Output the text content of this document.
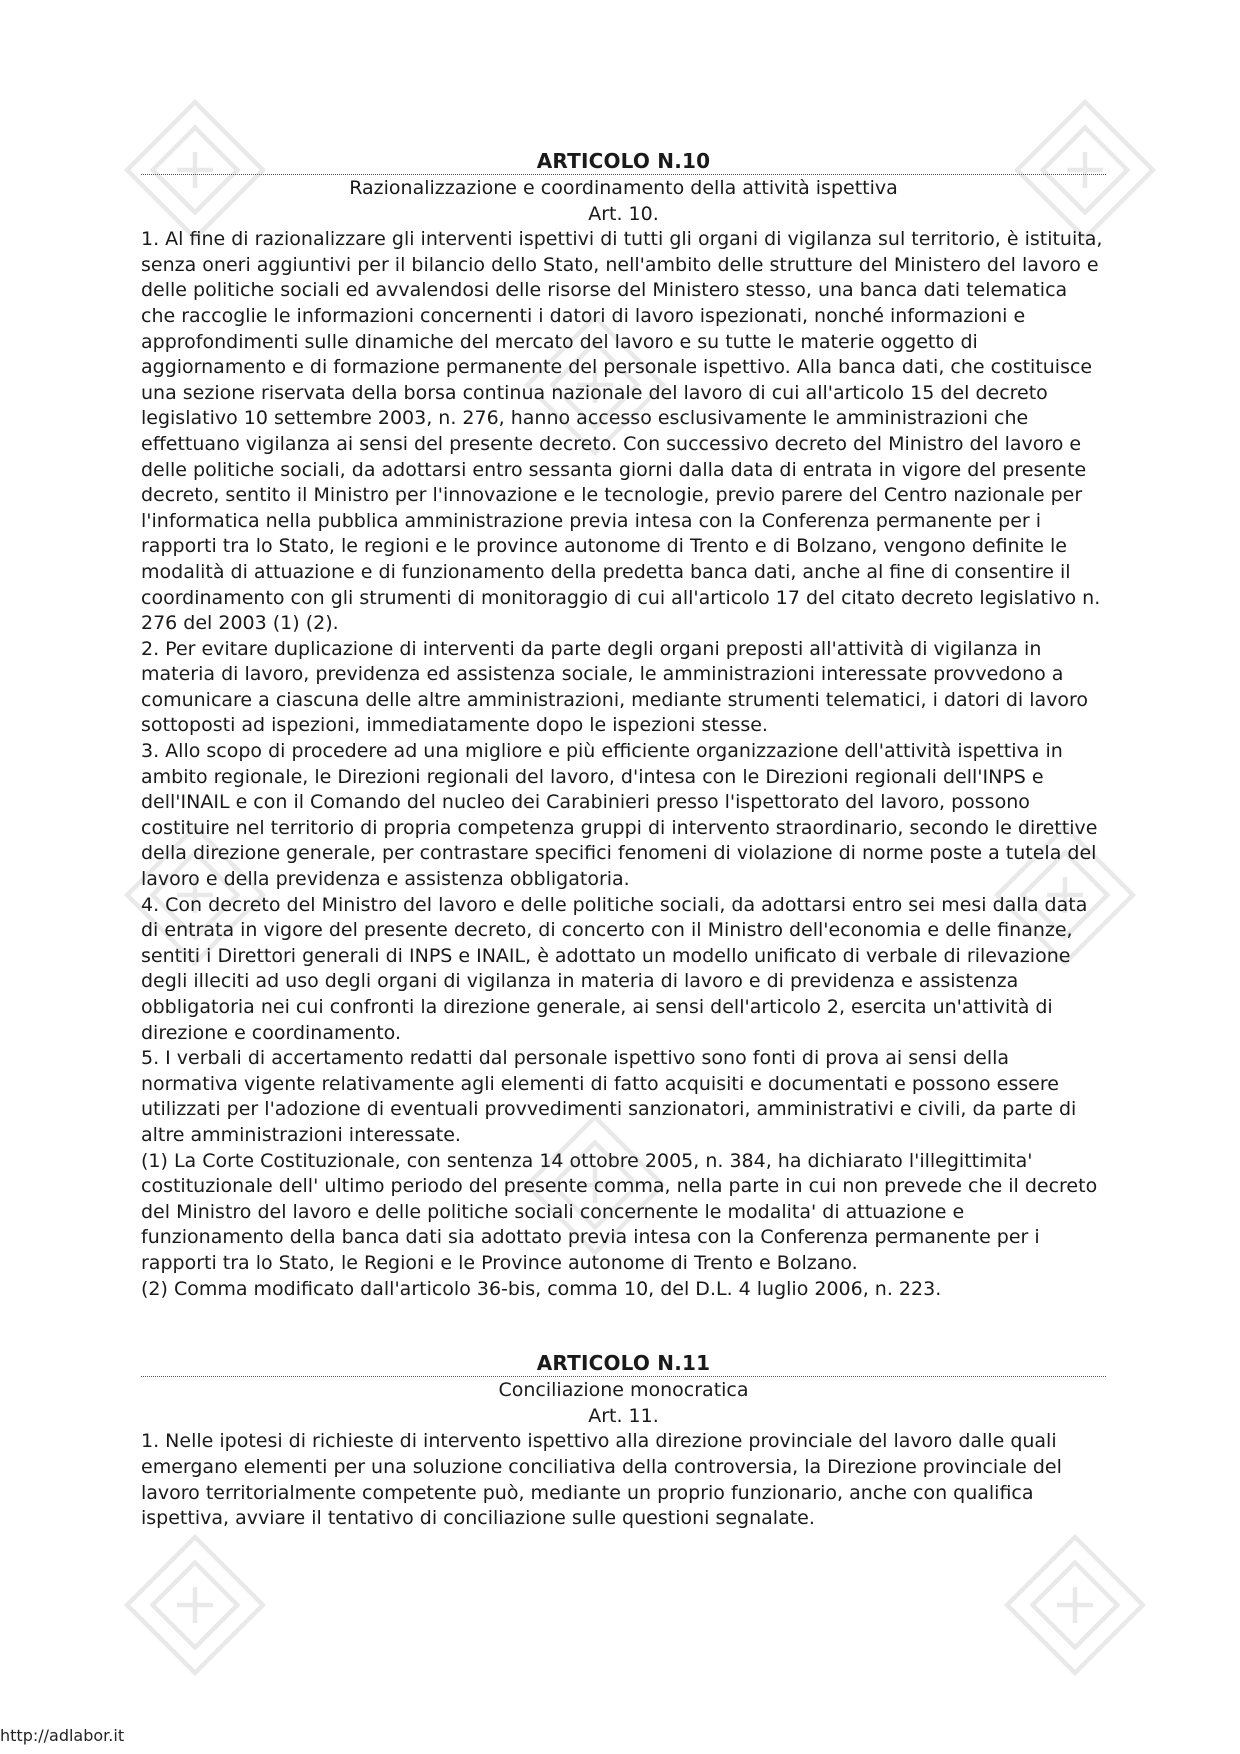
ARTICOLO N.10
Razionalizzazione e coordinamento della attività ispettiva
Art. 10.

1. Al fine di razionalizzare gli interventi ispettivi di tutti gli organi di vigilanza sul territorio, è istituita, senza oneri aggiuntivi per il bilancio dello Stato, nell'ambito delle strutture del Ministero del lavoro e delle politiche sociali ed avvalendosi delle risorse del Ministero stesso, una banca dati telematica che raccoglie le informazioni concernenti i datori di lavoro ispezionati, nonché informazioni e approfondimenti sulle dinamiche del mercato del lavoro e su tutte le materie oggetto di aggiornamento e di formazione permanente del personale ispettivo. Alla banca dati, che costituisce una sezione riservata della borsa continua nazionale del lavoro di cui all'articolo 15 del decreto legislativo 10 settembre 2003, n. 276, hanno accesso esclusivamente le amministrazioni che effettuano vigilanza ai sensi del presente decreto. Con successivo decreto del Ministro del lavoro e delle politiche sociali, da adottarsi entro sessanta giorni dalla data di entrata in vigore del presente decreto, sentito il Ministro per l'innovazione e le tecnologie, previo parere del Centro nazionale per l'informatica nella pubblica amministrazione previa intesa con la Conferenza permanente per i rapporti tra lo Stato, le regioni e le province autonome di Trento e di Bolzano, vengono definite le modalità di attuazione e di funzionamento della predetta banca dati, anche al fine di consentire il coordinamento con gli strumenti di monitoraggio di cui all'articolo 17 del citato decreto legislativo n. 276 del 2003 (1) (2).

2. Per evitare duplicazione di interventi da parte degli organi preposti all'attività di vigilanza in materia di lavoro, previdenza ed assistenza sociale, le amministrazioni interessate provvedono a comunicare a ciascuna delle altre amministrazioni, mediante strumenti telematici, i datori di lavoro sottoposti ad ispezioni, immediatamente dopo le ispezioni stesse.

3. Allo scopo di procedere ad una migliore e più efficiente organizzazione dell'attività ispettiva in ambito regionale, le Direzioni regionali del lavoro, d'intesa con le Direzioni regionali dell'INPS e dell'INAIL e con il Comando del nucleo dei Carabinieri presso l'ispettorato del lavoro, possono costituire nel territorio di propria competenza gruppi di intervento straordinario, secondo le direttive della direzione generale, per contrastare specifici fenomeni di violazione di norme poste a tutela del lavoro e della previdenza e assistenza obbligatoria.

4. Con decreto del Ministro del lavoro e delle politiche sociali, da adottarsi entro sei mesi dalla data di entrata in vigore del presente decreto, di concerto con il Ministro dell'economia e delle finanze, sentiti i Direttori generali di INPS e INAIL, è adottato un modello unificato di verbale di rilevazione degli illeciti ad uso degli organi di vigilanza in materia di lavoro e di previdenza e assistenza obbligatoria nei cui confronti la direzione generale, ai sensi dell'articolo 2, esercita un'attività di direzione e coordinamento.

5. I verbali di accertamento redatti dal personale ispettivo sono fonti di prova ai sensi della normativa vigente relativamente agli elementi di fatto acquisiti e documentati e possono essere utilizzati per l'adozione di eventuali provvedimenti sanzionatori, amministrativi e civili, da parte di altre amministrazioni interessate.

(1) La Corte Costituzionale, con sentenza 14 ottobre 2005, n. 384, ha dichiarato l'illegittimita' costituzionale dell' ultimo periodo del presente comma, nella parte in cui non prevede che il decreto del Ministro del lavoro e delle politiche sociali concernente le modalita' di attuazione e funzionamento della banca dati sia adottato previa intesa con la Conferenza permanente per i rapporti tra lo Stato, le Regioni e le Province autonome di Trento e Bolzano.

(2) Comma modificato dall'articolo 36-bis, comma 10, del D.L. 4 luglio 2006, n. 223.

ARTICOLO N.11
Conciliazione monocratica
Art. 11.

1. Nelle ipotesi di richieste di intervento ispettivo alla direzione provinciale del lavoro dalle quali emergano elementi per una soluzione conciliativa della controversia, la Direzione provinciale del lavoro territorialmente competente può, mediante un proprio funzionario, anche con qualifica ispettiva, avviare il tentativo di conciliazione sulle questioni segnalate.

http://adlabor.it
